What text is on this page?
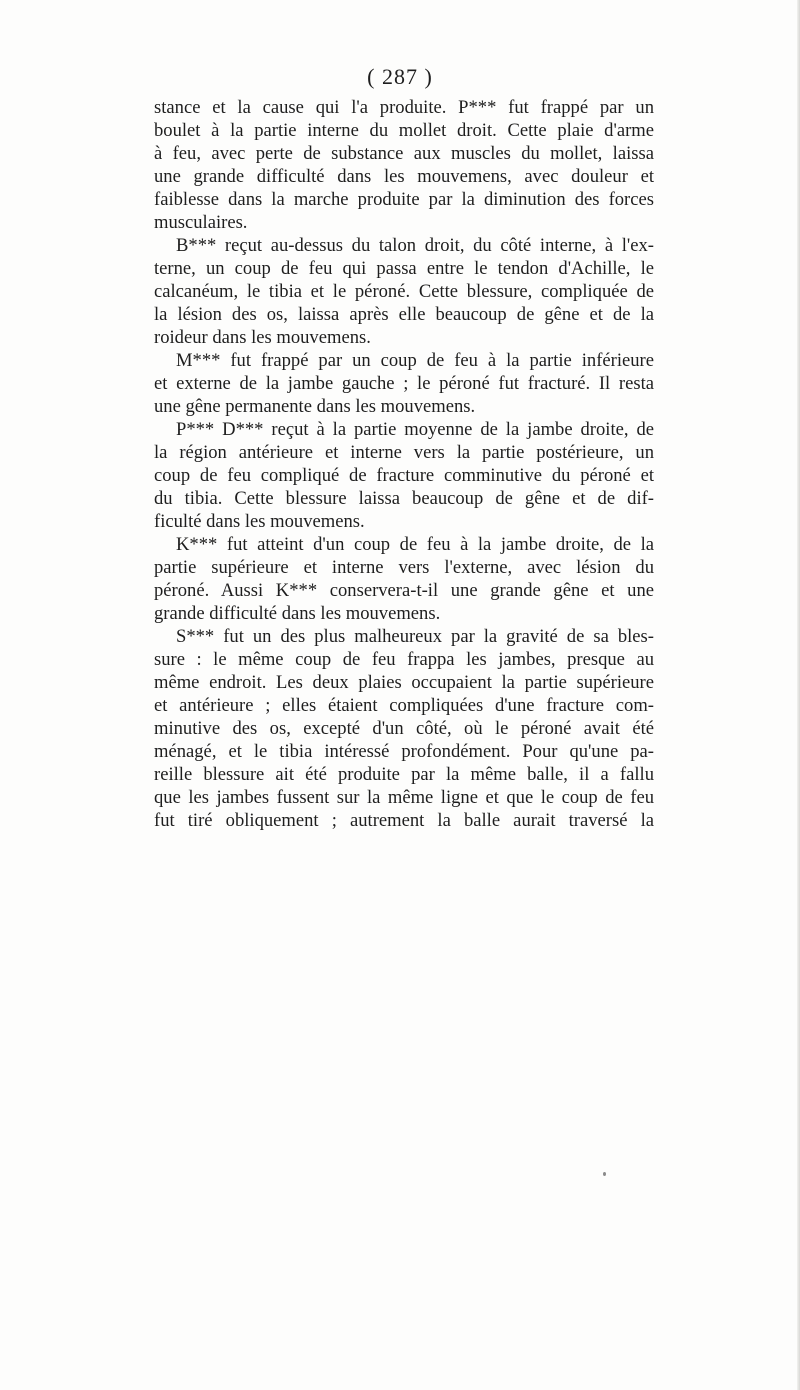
( 287 )
stance et la cause qui l'a produite. P*** fut frappé par un
boulet à la partie interne du mollet droit. Cette plaie d'arme
à feu, avec perte de substance aux muscles du mollet, laissa
une grande difficulté dans les mouvemens, avec douleur et
faiblesse dans la marche produite par la diminution des forces
musculaires.
B*** reçut au-dessus du talon droit, du côté interne, à l'ex-
terne, un coup de feu qui passa entre le tendon d'Achille, le
calcanéum, le tibia et le péroné. Cette blessure, compliquée de
la lésion des os, laissa après elle beaucoup de gêne et de la
roideur dans les mouvemens.
M*** fut frappé par un coup de feu à la partie inférieure
et externe de la jambe gauche ; le péroné fut fracturé. Il resta
une gêne permanente dans les mouvemens.
P*** D*** reçut à la partie moyenne de la jambe droite, de
la région antérieure et interne vers la partie postérieure, un
coup de feu compliqué de fracture comminutive du péroné et
du tibia. Cette blessure laissa beaucoup de gêne et de dif-
ficulté dans les mouvemens.
K*** fut atteint d'un coup de feu à la jambe droite, de la
partie supérieure et interne vers l'externe, avec lésion du
péroné. Aussi K*** conservera-t-il une grande gêne et une
grande difficulté dans les mouvemens.
S*** fut un des plus malheureux par la gravité de sa bles-
sure : le même coup de feu frappa les jambes, presque au
même endroit. Les deux plaies occupaient la partie supérieure
et antérieure ; elles étaient compliquées d'une fracture com-
minutive des os, excepté d'un côté, où le péroné avait été
ménagé, et le tibia intéressé profondément. Pour qu'une pa-
reille blessure ait été produite par la même balle, il a fallu
que les jambes fussent sur la même ligne et que le coup de feu
fut tiré obliquement ; autrement la balle aurait traversé la
